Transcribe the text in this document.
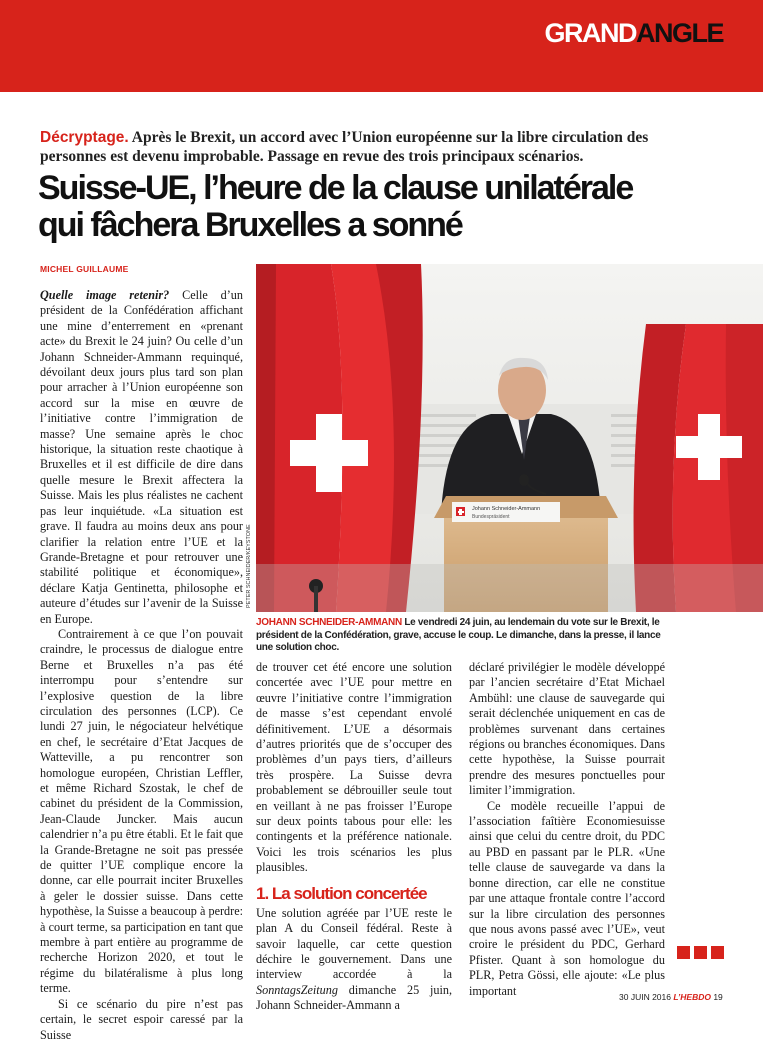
GRANDANGLE
Décryptage. Après le Brexit, un accord avec l’Union européenne sur la libre circulation des personnes est devenu improbable. Passage en revue des trois principaux scénarios.
Suisse-UE, l’heure de la clause unilatérale
qui fâchera Bruxelles a sonné
MICHEL GUILLAUME

Quelle image retenir? Celle d’un président de la Confédération affichant une mine d’enterrement en «prenant acte» du Brexit le 24 juin? Ou celle d’un Johann Schneider-Ammann requinqué, dévoilant deux jours plus tard son plan pour arracher à l’Union européenne son accord sur la mise en œuvre de l’initiative contre l’immigration de masse? Une semaine après le choc historique, la situation reste chaotique à Bruxelles et il est difficile de dire dans quelle mesure le Brexit affectera la Suisse. Mais les plus réalistes ne cachent pas leur inquiétude. «La situation est grave. Il faudra au moins deux ans pour clarifier la relation entre l’UE et la Grande-Bretagne et pour retrouver une stabilité politique et économique», déclare Katja Gentinetta, philosophe et auteure d’études sur l’avenir de la Suisse en Europe.

Contrairement à ce que l’on pouvait craindre, le processus de dialogue entre Berne et Bruxelles n’a pas été interrompu pour s’entendre sur l’explosive question de la libre circulation des personnes (LCP). Ce lundi 27 juin, le négociateur helvétique en chef, le secrétaire d’Etat Jacques de Watteville, a pu rencontrer son homologue européen, Christian Leffler, et même Richard Szostak, le chef de cabinet du président de la Commission, Jean-Claude Juncker. Mais aucun calendrier n’a pu être établi. Et le fait que la Grande-Bretagne ne soit pas pressée de quitter l’UE complique encore la donne, car elle pourrait inciter Bruxelles à geler le dossier suisse. Dans cette hypothèse, la Suisse a beaucoup à perdre: à court terme, sa participation en tant que membre à part entière au programme de recherche Horizon 2020, et tout le régime du bilatéralisme à plus long terme.

Si ce scénario du pire n’est pas certain, le secret espoir caressé par la Suisse

Johann Schneider-Ammann
Bundespräsident
PETER SCHNEIDER/KEYSTONE
JOHANN SCHNEIDER-AMMANN Le vendredi 24 juin, au lendemain du vote sur le Brexit, le président de la Confédération, grave, accuse le coup. Le dimanche, dans la presse, il lance une solution choc.

de trouver cet été encore une solution concertée avec l’UE pour mettre en œuvre l’initiative contre l’immigration de masse s’est cependant envolé définitivement. L’UE a désormais d’autres priorités que de s’occuper des problèmes d’un pays tiers, d’ailleurs très prospère. La Suisse devra probablement se débrouiller seule tout en veillant à ne pas froisser l’Europe sur deux points tabous pour elle: les contingents et la préférence nationale. Voici les trois scénarios les plus plausibles.

1. La solution concertée

Une solution agréée par l’UE reste le plan A du Conseil fédéral. Reste à savoir laquelle, car cette question déchire le gouvernement. Dans une interview accordée à la SonntagsZeitung dimanche 25 juin, Johann Schneider-Ammann a

déclaré privilégier le modèle développé par l’ancien secrétaire d’Etat Michael Ambühl: une clause de sauvegarde qui serait déclenchée uniquement en cas de problèmes survenant dans certaines régions ou branches économiques. Dans cette hypothèse, la Suisse pourrait prendre des mesures ponctuelles pour limiter l’immigration.

Ce modèle recueille l’appui de l’association faîtière Economiesuisse ainsi que celui du centre droit, du PDC au PBD en passant par le PLR. «Une telle clause de sauvegarde va dans la bonne direction, car elle ne constitue par une attaque frontale contre l’accord sur la libre circulation des personnes que nous avons passé avec l’UE», veut croire le président du PDC, Gerhard Pfister. Quant à son homologue du PLR, Petra Gössi, elle ajoute: «Le plus important	30 JUIN 2016 L’HEBDO 19
